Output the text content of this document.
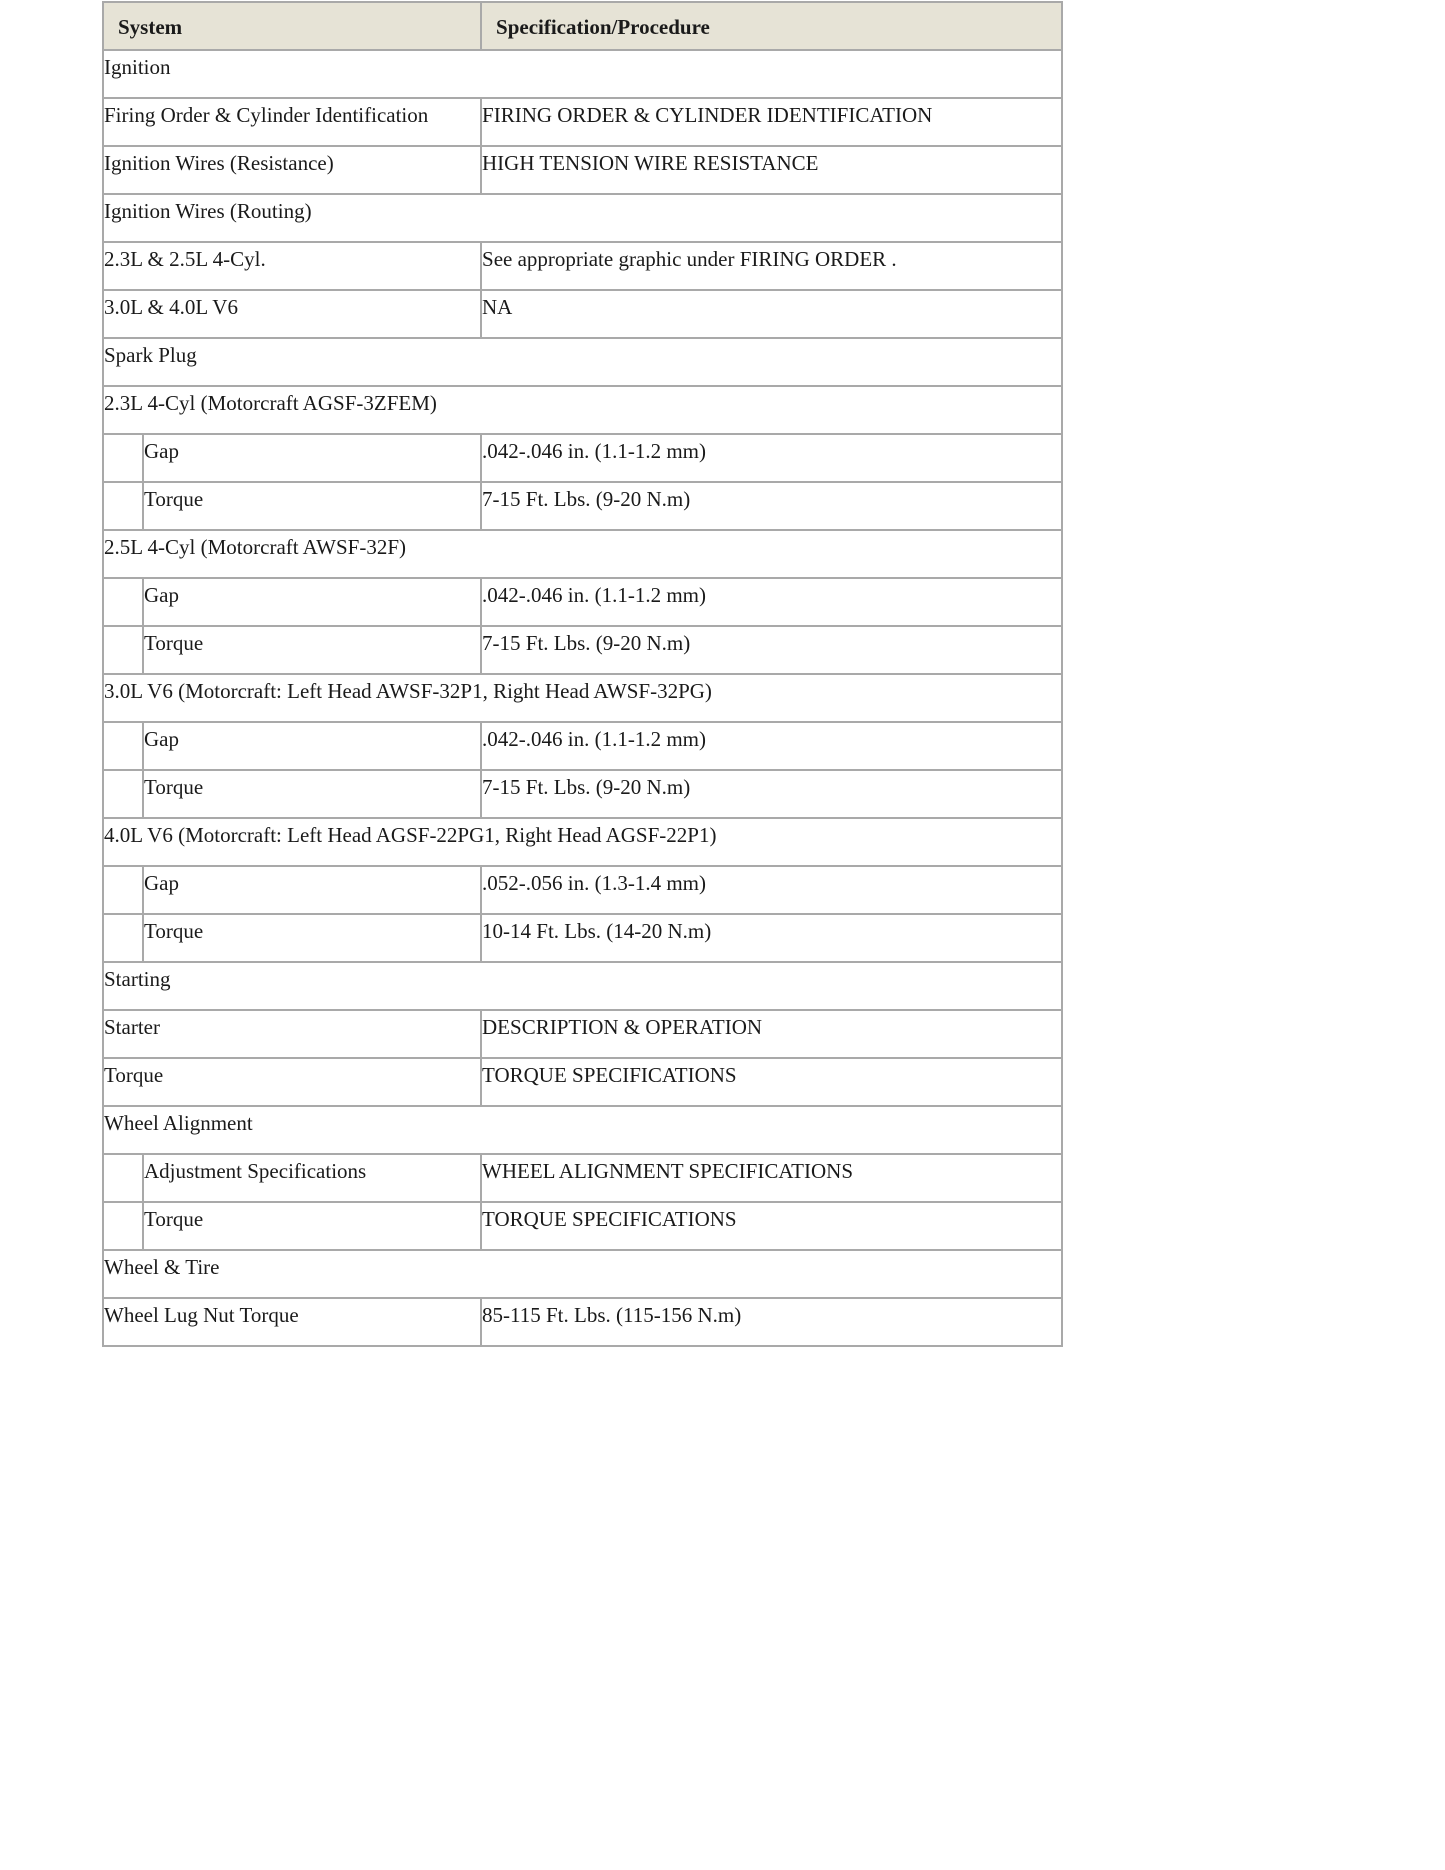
System		Specification/Procedure
Ignition		
Firing Order & Cylinder Identification		FIRING ORDER & CYLINDER IDENTIFICATION
Ignition Wires (Resistance)		HIGH TENSION WIRE RESISTANCE
Ignition Wires (Routing)		
2.3L & 2.5L 4-Cyl.		See appropriate graphic under FIRING ORDER .
3.0L & 4.0L V6		NA
Spark Plug		
2.3L 4-Cyl (Motorcraft AGSF-3ZFEM)		
	Gap	.042-.046 in. (1.1-1.2 mm)
	Torque	7-15 Ft. Lbs. (9-20 N.m)
2.5L 4-Cyl (Motorcraft AWSF-32F)		
	Gap	.042-.046 in. (1.1-1.2 mm)
	Torque	7-15 Ft. Lbs. (9-20 N.m)
3.0L V6 (Motorcraft: Left Head AWSF-32P1, Right Head AWSF-32PG)		
	Gap	.042-.046 in. (1.1-1.2 mm)
	Torque	7-15 Ft. Lbs. (9-20 N.m)
4.0L V6 (Motorcraft: Left Head AGSF-22PG1, Right Head AGSF-22P1)		
	Gap	.052-.056 in. (1.3-1.4 mm)
	Torque	10-14 Ft. Lbs. (14-20 N.m)
Starting		
Starter		DESCRIPTION & OPERATION
Torque		TORQUE SPECIFICATIONS
Wheel Alignment		
	Adjustment Specifications	WHEEL ALIGNMENT SPECIFICATIONS
	Torque	TORQUE SPECIFICATIONS
Wheel & Tire		
Wheel Lug Nut Torque		85-115 Ft. Lbs. (115-156 N.m)
